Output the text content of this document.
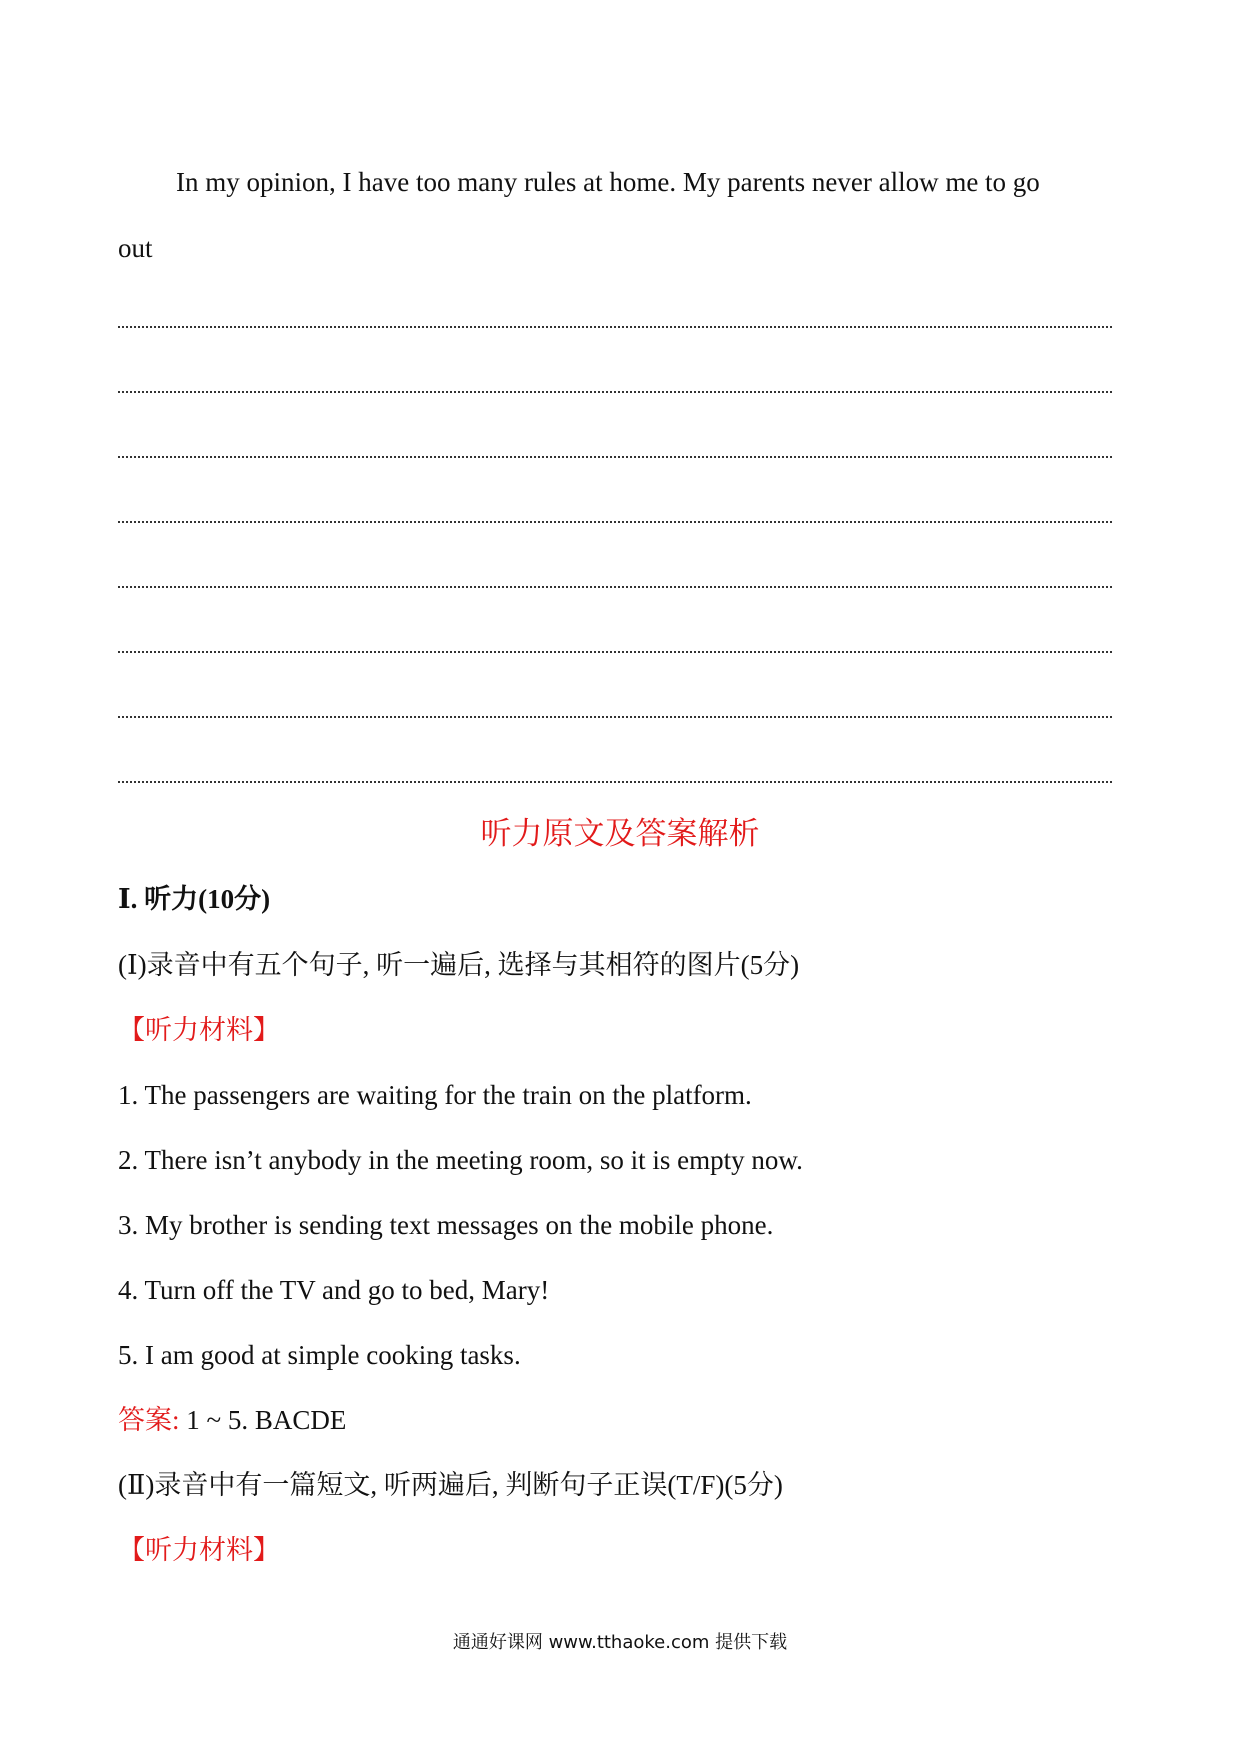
In my opinion, I have too many rules at home. My parents never allow me to go
out
听力原文及答案解析
Ⅰ. 听力(10分)
(Ⅰ)录音中有五个句子, 听一遍后, 选择与其相符的图片(5分)
【听力材料】
1. The passengers are waiting for the train on the platform.
2. There isn’t anybody in the meeting room, so it is empty now.
3. My brother is sending text messages on the mobile phone.
4. Turn off the TV and go to bed, Mary!
5. I am good at simple cooking tasks.
答案: 1 ~ 5. BACDE
(Ⅱ)录音中有一篇短文, 听两遍后, 判断句子正误(T/F)(5分)
【听力材料】
通通好课网 www.tthaoke.com 提供下载
